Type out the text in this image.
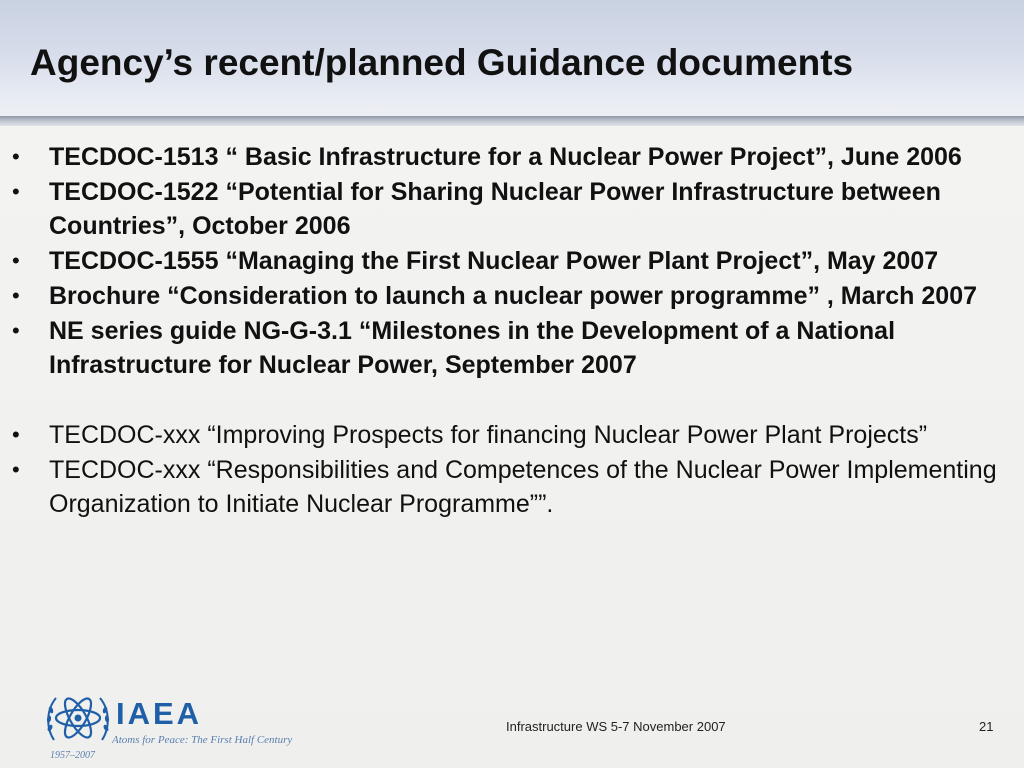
Agency’s recent/planned Guidance documents
• TECDOC-1513 “ Basic Infrastructure for a Nuclear Power Project”, June 2006
• TECDOC-1522 “Potential for Sharing Nuclear Power Infrastructure between Countries”, October 2006
• TECDOC-1555 “Managing the First Nuclear Power Plant Project”, May 2007
• Brochure “Consideration to launch a nuclear power programme” , March 2007
• NE series guide NG-G-3.1 “Milestones in the Development of a National Infrastructure for Nuclear Power, September 2007
• TECDOC-xxx “Improving Prospects for financing Nuclear Power Plant Projects”
• TECDOC-xxx “Responsibilities and Competences of the Nuclear Power Implementing Organization to Initiate Nuclear Programme””.
IAEA
Atoms for Peace: The First Half Century
1957–2007
Infrastructure WS 5-7 November 2007	21
